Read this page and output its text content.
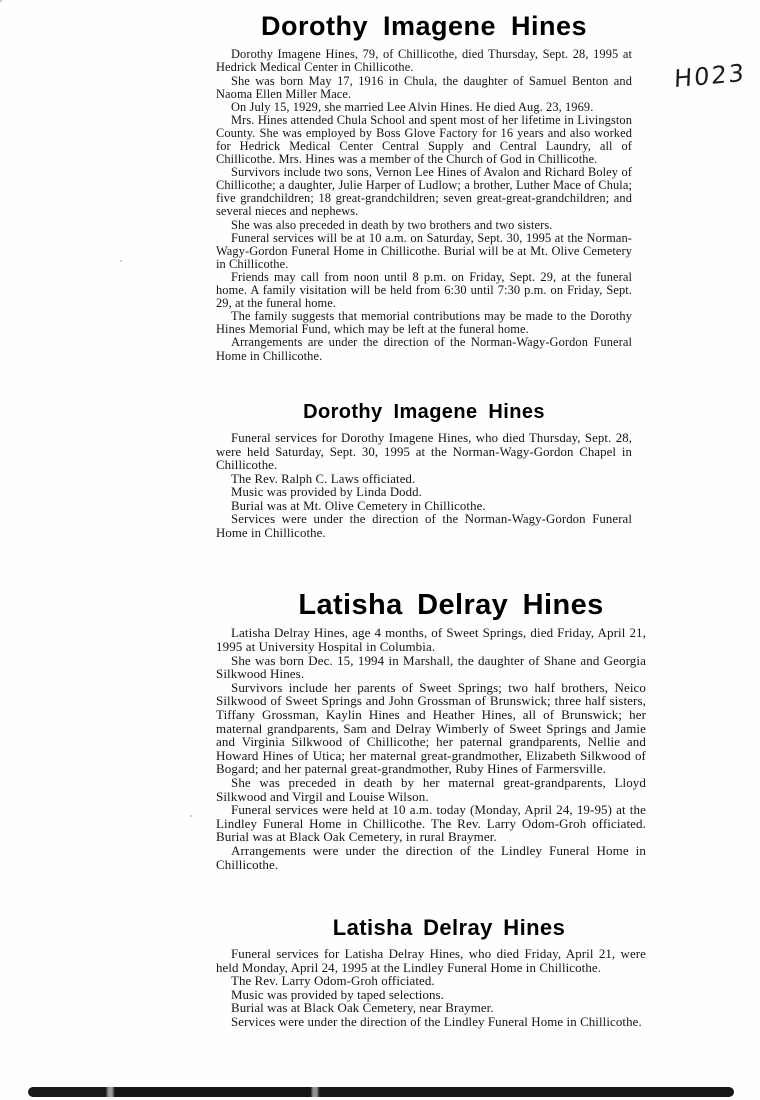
H023
Dorothy Imagene Hines

Dorothy Imagene Hines, 79, of Chillicothe, died Thursday, Sept. 28, 1995 at Hedrick Medical Center in Chillicothe.

She was born May 17, 1916 in Chula, the daughter of Samuel Benton and Naoma Ellen Miller Mace.

On July 15, 1929, she married Lee Alvin Hines. He died Aug. 23, 1969.

Mrs. Hines attended Chula School and spent most of her lifetime in Livingston County. She was employed by Boss Glove Factory for 16 years and also worked for Hedrick Medical Center Central Supply and Central Laundry, all of Chillicothe. Mrs. Hines was a member of the Church of God in Chillicothe.

Survivors include two sons, Vernon Lee Hines of Avalon and Richard Boley of Chillicothe; a daughter, Julie Harper of Ludlow; a brother, Luther Mace of Chula; five grandchildren; 18 great-grandchildren; seven great-great-grandchildren; and several nieces and nephews.

She was also preceded in death by two brothers and two sisters.

Funeral services will be at 10 a.m. on Saturday, Sept. 30, 1995 at the Norman-Wagy-Gordon Funeral Home in Chillicothe. Burial will be at Mt. Olive Cemetery in Chillicothe.

Friends may call from noon until 8 p.m. on Friday, Sept. 29, at the funeral home. A family visitation will be held from 6:30 until 7:30 p.m. on Friday, Sept. 29, at the funeral home.

The family suggests that memorial contributions may be made to the Dorothy Hines Memorial Fund, which may be left at the funeral home.

Arrangements are under the direction of the Norman-Wagy-Gordon Funeral Home in Chillicothe.

Dorothy Imagene Hines

Funeral services for Dorothy Imagene Hines, who died Thursday, Sept. 28, were held Saturday, Sept. 30, 1995 at the Norman-Wagy-Gordon Chapel in Chillicothe.

The Rev. Ralph C. Laws officiated.

Music was provided by Linda Dodd.

Burial was at Mt. Olive Cemetery in Chillicothe.

Services were under the direction of the Norman-Wagy-Gordon Funeral Home in Chillicothe.

Latisha Delray Hines

Latisha Delray Hines, age 4 months, of Sweet Springs, died Friday, April 21, 1995 at University Hospital in Columbia.

She was born Dec. 15, 1994 in Marshall, the daughter of Shane and Georgia Silkwood Hines.

Survivors include her parents of Sweet Springs; two half brothers, Neico Silkwood of Sweet Springs and John Grossman of Brunswick; three half sisters, Tiffany Grossman, Kaylin Hines and Heather Hines, all of Brunswick; her maternal grandparents, Sam and Delray Wimberly of Sweet Springs and Jamie and Virginia Silkwood of Chillicothe; her paternal grandparents, Nellie and Howard Hines of Utica; her maternal great-grandmother, Elizabeth Silkwood of Bogard; and her paternal great-grandmother, Ruby Hines of Farmersville.

She was preceded in death by her maternal great-grandparents, Lloyd Silkwood and Virgil and Louise Wilson.

Funeral services were held at 10 a.m. today (Monday, April 24, 19-95) at the Lindley Funeral Home in Chillicothe. The Rev. Larry Odom-Groh officiated. Burial was at Black Oak Cemetery, in rural Braymer.

Arrangements were under the direction of the Lindley Funeral Home in Chillicothe.

Latisha Delray Hines

Funeral services for Latisha Delray Hines, who died Friday, April 21, were held Monday, April 24, 1995 at the Lindley Funeral Home in Chillicothe.

The Rev. Larry Odom-Groh officiated.

Music was provided by taped selections.

Burial was at Black Oak Cemetery, near Braymer.

Services were under the direction of the Lindley Funeral Home in Chillicothe.
